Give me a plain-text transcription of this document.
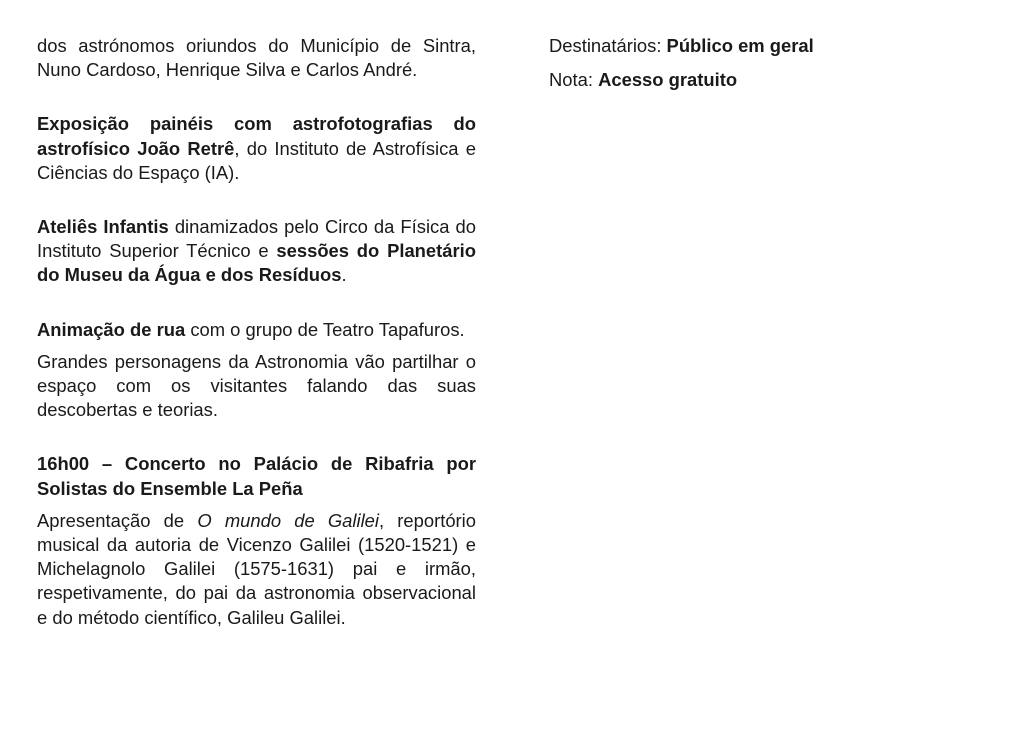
dos astrónomos oriundos do Município de Sintra, Nuno Cardoso, Henrique Silva e Carlos André.

Exposição painéis com astrofotografias do astrofísico João Retrê, do Instituto de Astrofísica e Ciências do Espaço (IA).

Ateliês Infantis dinamizados pelo Circo da Física do Instituto Superior Técnico e sessões do Planetário do Museu da Água e dos Resíduos.

Animação de rua com o grupo de Teatro Tapafuros.

Grandes personagens da Astronomia vão partilhar o espaço com os visitantes falando das suas descobertas e teorias.

16h00 – Concerto no Palácio de Ribafria por Solistas do Ensemble La Peña

Apresentação de O mundo de Galilei, reportório musical da autoria de Vicenzo Galilei (1520-1521) e Michelagnolo Galilei (1575-1631) pai e irmão, respetivamente, do pai da astronomia observacional e do método científico, Galileu Galilei.

Destinatários: Público em geral

Nota: Acesso gratuito
